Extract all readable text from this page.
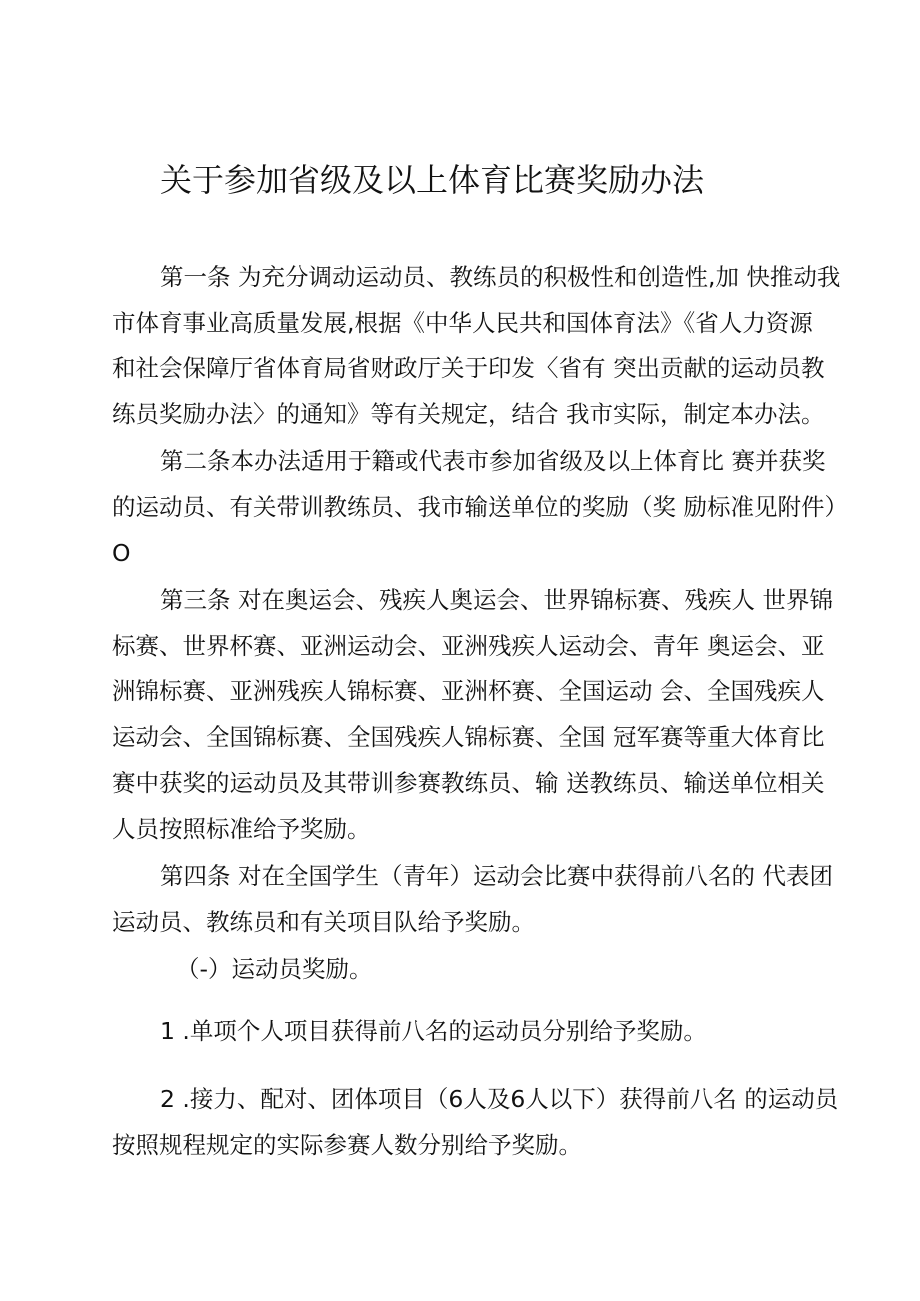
关于参加省级及以上体育比赛奖励办法
第一条 为充分调动运动员、教练员的积极性和创造性,加 快推动我
市体育事业高质量发展,根据《中华人民共和国体育法》《省人力资源
和社会保障厅省体育局省财政厅关于印发〈省有 突出贡献的运动员教
练员奖励办法〉的通知》等有关规定，结合 我市实际，制定本办法。
第二条本办法适用于籍或代表市参加省级及以上体育比 赛并获奖
的运动员、有关带训教练员、我市输送单位的奖励（奖 励标准见附件）
O
第三条 对在奥运会、残疾人奥运会、世界锦标赛、残疾人 世界锦
标赛、世界杯赛、亚洲运动会、亚洲残疾人运动会、青年 奥运会、亚
洲锦标赛、亚洲残疾人锦标赛、亚洲杯赛、全国运动 会、全国残疾人
运动会、全国锦标赛、全国残疾人锦标赛、全国 冠军赛等重大体育比
赛中获奖的运动员及其带训参赛教练员、输 送教练员、输送单位相关
人员按照标准给予奖励。
第四条 对在全国学生（青年）运动会比赛中获得前八名的 代表团
运动员、教练员和有关项目队给予奖励。
（-）运动员奖励。
1 .单项个人项目获得前八名的运动员分别给予奖励。
2 .接力、配对、团体项目（6人及6人以下）获得前八名 的运动员
按照规程规定的实际参赛人数分别给予奖励。
